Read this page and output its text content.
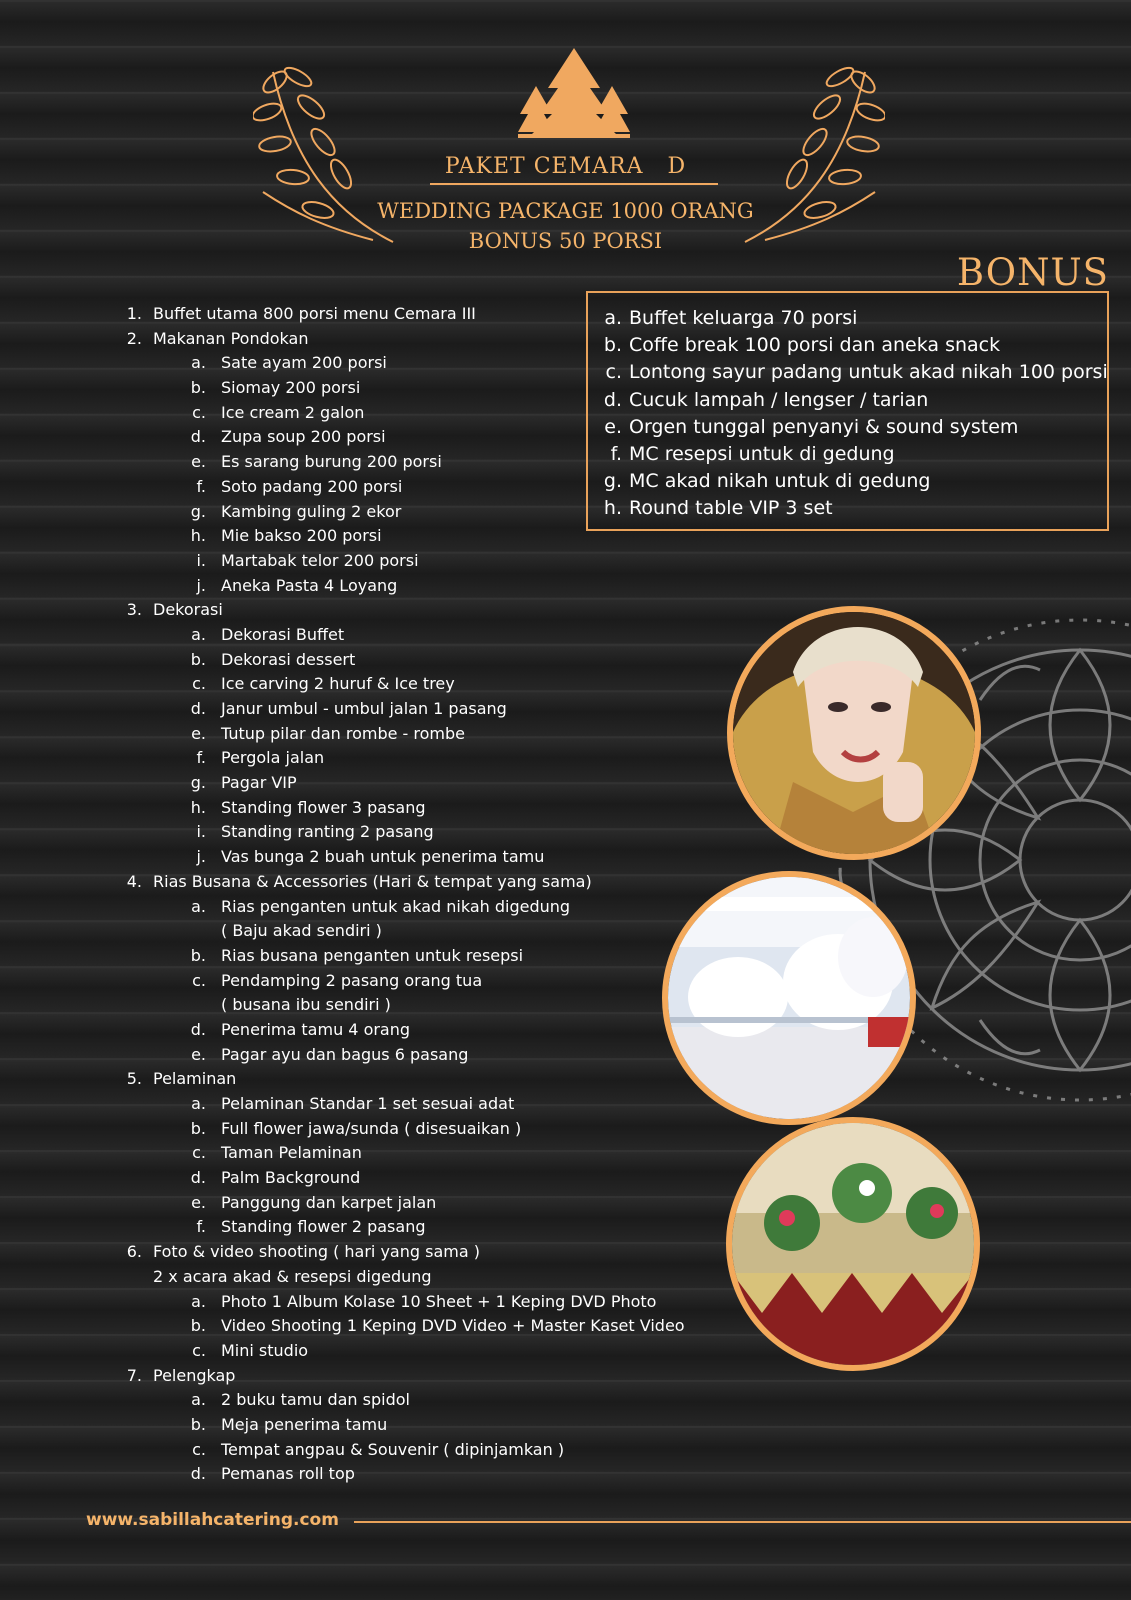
PAKET CEMARA   D
WEDDING PACKAGE 1000 ORANG
BONUS 50 PORSI
BONUS
a. Buffet keluarga 70 porsi
b. Coffe break 100 porsi dan aneka snack
c. Lontong sayur padang untuk akad nikah 100 porsi
d. Cucuk lampah / lengser / tarian
e. Orgen tunggal penyanyi & sound system
f. MC resepsi untuk di gedung
g. MC akad nikah untuk di gedung
h. Round table VIP 3 set
1. Buffet utama 800 porsi menu Cemara III
2. Makanan Pondokan
a. Sate ayam 200 porsi
b. Siomay 200 porsi
c. Ice cream 2 galon
d. Zupa soup 200 porsi
e. Es sarang burung 200 porsi
f. Soto padang 200 porsi
g. Kambing guling 2 ekor
h. Mie bakso 200 porsi
i. Martabak telor 200 porsi
j. Aneka Pasta 4 Loyang
3. Dekorasi
a. Dekorasi Buffet
b. Dekorasi dessert
c. Ice carving 2 huruf & Ice trey
d. Janur umbul - umbul jalan 1 pasang
e. Tutup pilar dan rombe - rombe
f. Pergola jalan
g. Pagar VIP
h. Standing flower 3 pasang
i. Standing ranting 2 pasang
j. Vas bunga 2 buah untuk penerima tamu
4. Rias Busana & Accessories (Hari & tempat yang sama)
a. Rias penganten untuk akad nikah digedung
( Baju akad sendiri )
b. Rias busana penganten untuk resepsi
c. Pendamping 2 pasang orang tua
( busana ibu sendiri )
d. Penerima tamu 4 orang
e. Pagar ayu dan bagus 6 pasang
5. Pelaminan
a. Pelaminan Standar 1 set sesuai adat
b. Full flower jawa/sunda ( disesuaikan )
c. Taman Pelaminan
d. Palm Background
e. Panggung dan karpet jalan
f. Standing flower 2 pasang
6. Foto & video shooting ( hari yang sama )
2 x acara akad & resepsi digedung
a. Photo 1 Album Kolase 10 Sheet + 1 Keping DVD Photo
b. Video Shooting 1 Keping DVD Video + Master Kaset Video
c. Mini studio
7. Pelengkap
a. 2 buku tamu dan spidol
b. Meja penerima tamu
c. Tempat angpau & Souvenir ( dipinjamkan )
d. Pemanas roll top
www.sabillahcatering.com
